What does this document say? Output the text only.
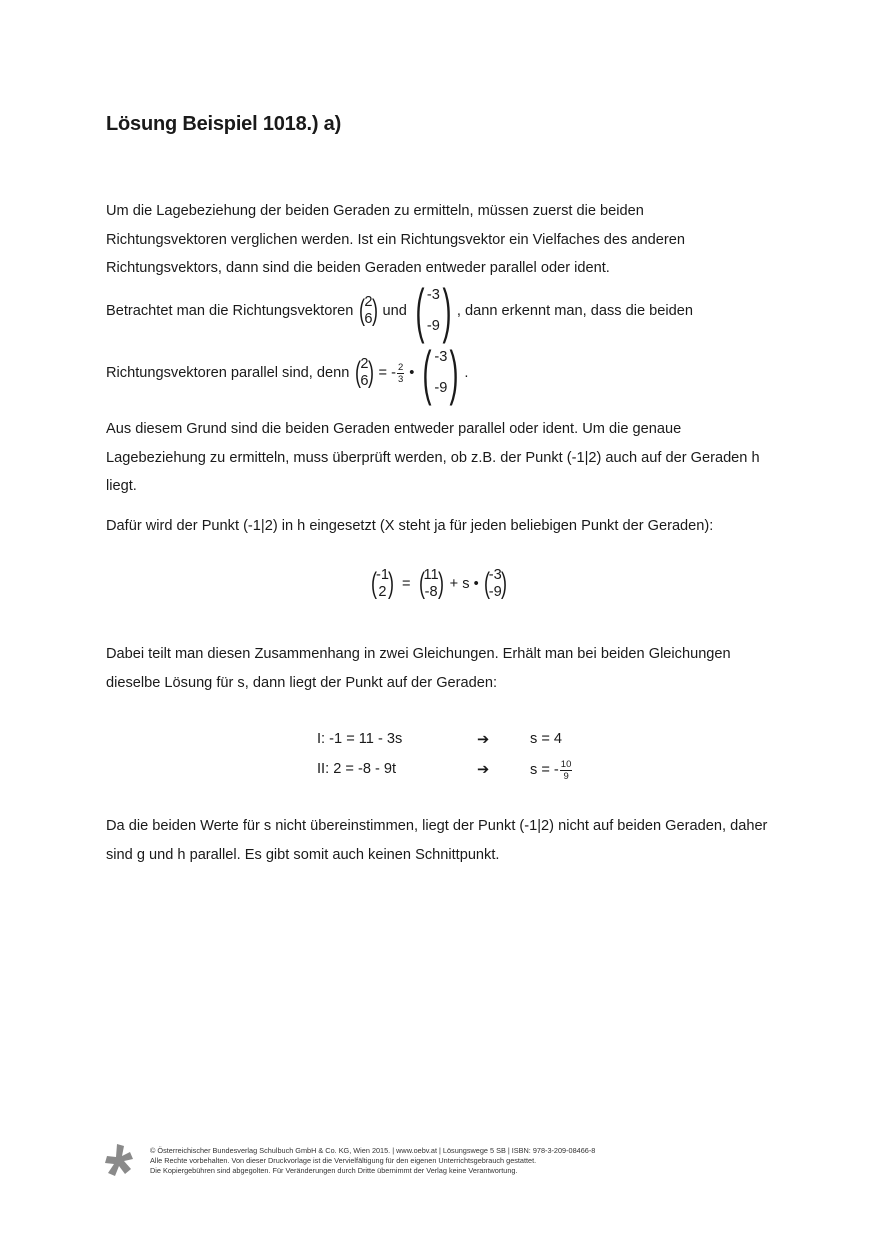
Lösung Beispiel 1018.) a)
Um die Lagebeziehung der beiden Geraden zu ermitteln, müssen zuerst die beiden
Richtungsvektoren verglichen werden. Ist ein Richtungsvektor ein Vielfaches des anderen
Richtungsvektors, dann sind die beiden Geraden entweder parallel oder ident.
Betrachtet man die Richtungsvektoren ( 2
6 ) und ( -3
-9 ) , dann erkennt man, dass die beiden
Richtungsvektoren parallel sind, denn ( 2
6 ) = - $\frac{2}{3}$ • ( -3
-9 ) .
Aus diesem Grund sind die beiden Geraden entweder parallel oder ident. Um die genaue
Lagebeziehung zu ermitteln, muss überprüft werden, ob z.B. der Punkt (-1|2) auch auf der Geraden h
liegt.
Dafür wird der Punkt (-1|2) in h eingesetzt (X steht ja für jeden beliebigen Punkt der Geraden):
( -1
2 ) = ( 11
-8 ) + s • ( -3
-9 )
Dabei teilt man diesen Zusammenhang in zwei Gleichungen. Erhält man bei beiden Gleichungen
dieselbe Lösung für s, dann liegt der Punkt auf der Geraden:
I: -1 = 11 - 3s	➔	s = 4
II: 2 = -8 - 9t	➔	s = - $\frac{10}{9}$
Da die beiden Werte für s nicht übereinstimmen, liegt der Punkt (-1|2) nicht auf beiden Geraden, daher
sind g und h parallel. Es gibt somit auch keinen Schnittpunkt.
© Österreichischer Bundesverlag Schulbuch GmbH & Co. KG, Wien 2015. | www.oebv.at | Lösungswege 5 SB | ISBN: 978-3-209-08466-8
Alle Rechte vorbehalten. Von dieser Druckvorlage ist die Vervielfältigung für den eigenen Unterrichtsgebrauch gestattet.
Die Kopiergebühren sind abgegolten. Für Veränderungen durch Dritte übernimmt der Verlag keine Verantwortung.
